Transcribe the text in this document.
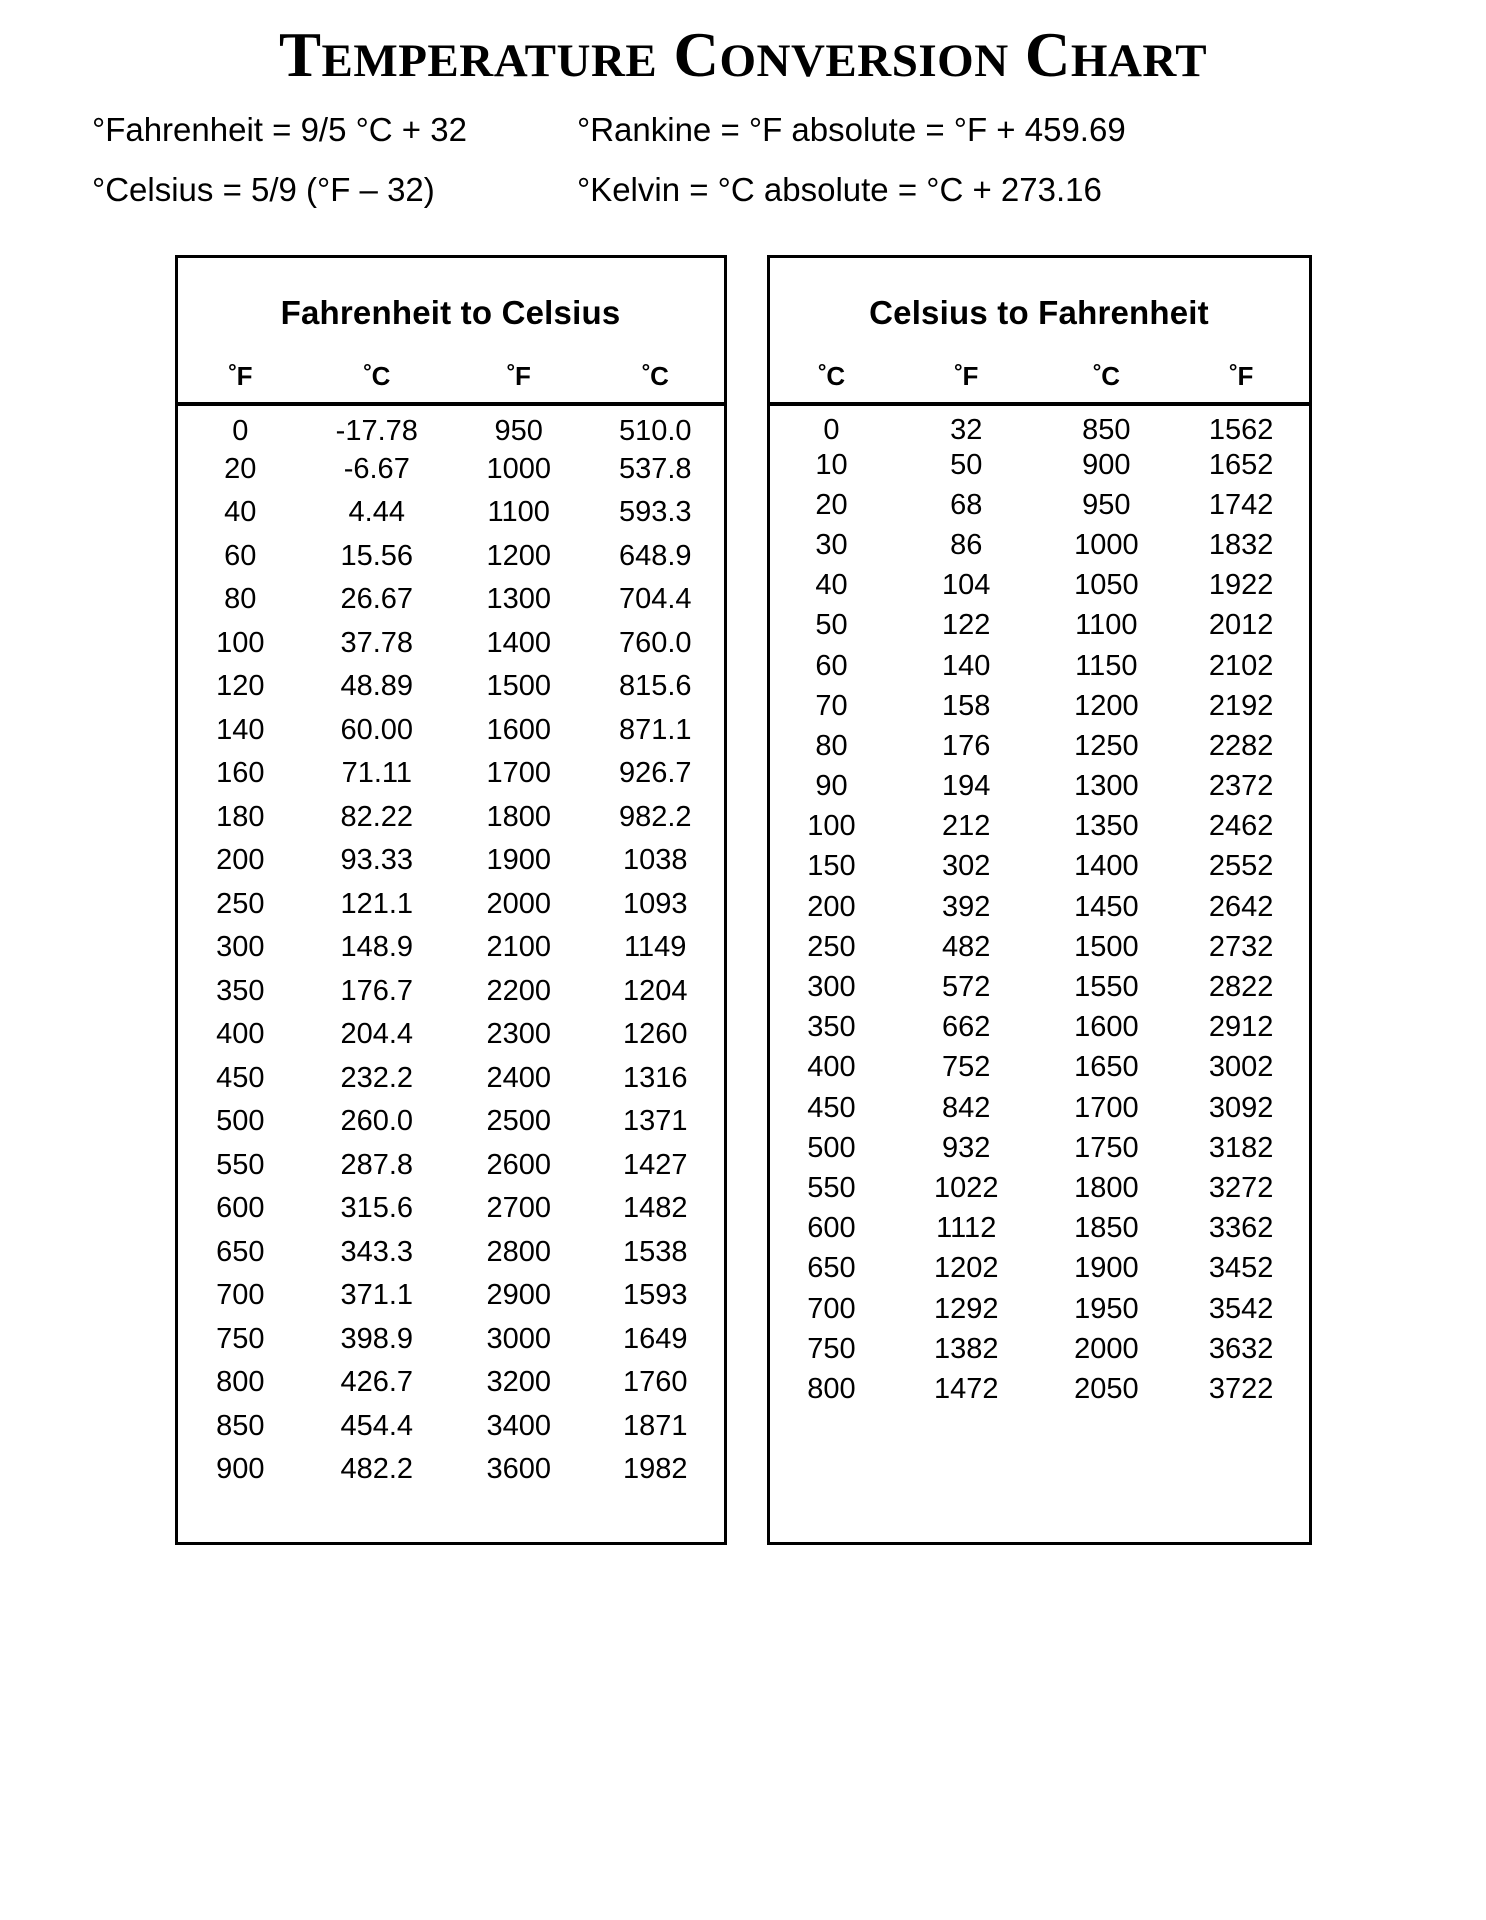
TEMPERATURE CONVERSION CHART
°Fahrenheit = 9/5 °C + 32	°Rankine = °F absolute = °F + 459.69
°Celsius = 5/9 (°F – 32)	°Kelvin = °C absolute = °C + 273.16
Fahrenheit to Celsius
°F	°C	°F	°C
0	-17.78	950	510.0
20	-6.67	1000	537.8
40	4.44	1100	593.3
60	15.56	1200	648.9
80	26.67	1300	704.4
100	37.78	1400	760.0
120	48.89	1500	815.6
140	60.00	1600	871.1
160	71.11	1700	926.7
180	82.22	1800	982.2
200	93.33	1900	1038
250	121.1	2000	1093
300	148.9	2100	1149
350	176.7	2200	1204
400	204.4	2300	1260
450	232.2	2400	1316
500	260.0	2500	1371
550	287.8	2600	1427
600	315.6	2700	1482
650	343.3	2800	1538
700	371.1	2900	1593
750	398.9	3000	1649
800	426.7	3200	1760
850	454.4	3400	1871
900	482.2	3600	1982
Celsius to Fahrenheit
°C	°F	°C	°F
0	32	850	1562
10	50	900	1652
20	68	950	1742
30	86	1000	1832
40	104	1050	1922
50	122	1100	2012
60	140	1150	2102
70	158	1200	2192
80	176	1250	2282
90	194	1300	2372
100	212	1350	2462
150	302	1400	2552
200	392	1450	2642
250	482	1500	2732
300	572	1550	2822
350	662	1600	2912
400	752	1650	3002
450	842	1700	3092
500	932	1750	3182
550	1022	1800	3272
600	1112	1850	3362
650	1202	1900	3452
700	1292	1950	3542
750	1382	2000	3632
800	1472	2050	3722
